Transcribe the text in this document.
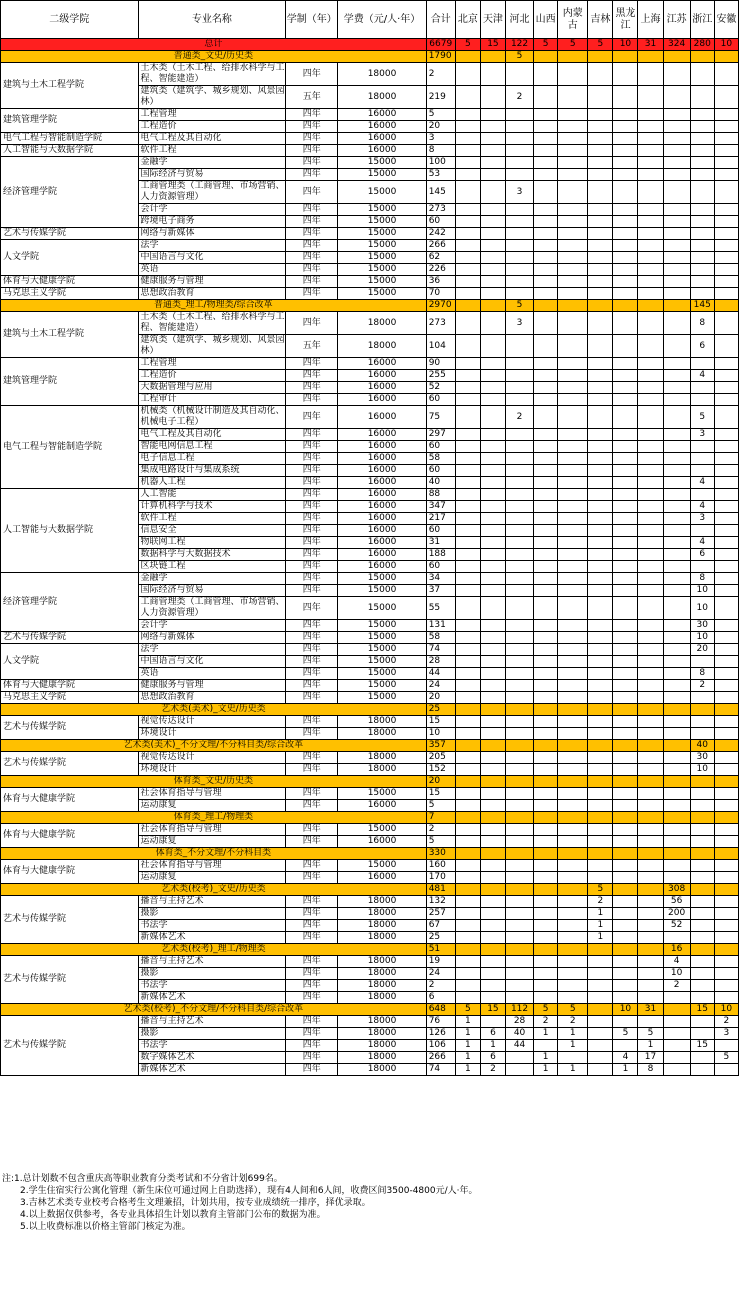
二级学院	专业名称	学制（年）	学费（元/人·年）	合计	北京	天津	河北	山西	内蒙古	吉林	黑龙江	上海	江苏	浙江	安徽
总计				6679	5	15	122	5	5	5	10	31	324	280	10
普通类_文史/历史类				1790			5								
建筑与土木工程学院	土木类（土木工程、给排水科学与工程、智能建造）	四年	18000	2											
	建筑类（建筑学、城乡规划、风景园林）	五年	18000	219			2								
建筑管理学院	工程管理	四年	16000	5											
	工程造价	四年	16000	20											
电气工程与智能制造学院	电气工程及其自动化	四年	16000	3											
人工智能与大数据学院	软件工程	四年	16000	8											
经济管理学院	金融学	四年	15000	100											
	国际经济与贸易	四年	15000	53											
	工商管理类（工商管理、市场营销、人力资源管理）	四年	15000	145			3								
	会计学	四年	15000	273											
	跨境电子商务	四年	15000	60											
艺术与传媒学院	网络与新媒体	四年	15000	242											
人文学院	法学	四年	15000	266											
	中国语言与文化	四年	15000	62											
	英语	四年	15000	226											
体育与大健康学院	健康服务与管理	四年	15000	36											
马克思主义学院	思想政治教育	四年	15000	70											
普通类_理工/物理类/综合改革				2970			5							145	
建筑与土木工程学院	土木类（土木工程、给排水科学与工程、智能建造）	四年	18000	273			3							8	
	建筑类（建筑学、城乡规划、风景园林）	五年	18000	104										6	
建筑管理学院	工程管理	四年	16000	90											
	工程造价	四年	16000	255										4	
	大数据管理与应用	四年	16000	52											
	工程审计	四年	16000	60											
电气工程与智能制造学院	机械类（机械设计制造及其自动化、机械电子工程）	四年	16000	75			2							5	
	电气工程及其自动化	四年	16000	297										3	
	智能电网信息工程	四年	16000	60											
	电子信息工程	四年	16000	58											
	集成电路设计与集成系统	四年	16000	60											
	机器人工程	四年	16000	40										4	
人工智能与大数据学院	人工智能	四年	16000	88											
	计算机科学与技术	四年	16000	347										4	
	软件工程	四年	16000	217										3	
	信息安全	四年	16000	60											
	物联网工程	四年	16000	31										4	
	数据科学与大数据技术	四年	16000	188										6	
	区块链工程	四年	16000	60											
经济管理学院	金融学	四年	15000	34										8	
	国际经济与贸易	四年	15000	37										10	
	工商管理类（工商管理、市场营销、人力资源管理）	四年	15000	55										10	
	会计学	四年	15000	131										30	
艺术与传媒学院	网络与新媒体	四年	15000	58										10	
人文学院	法学	四年	15000	74										20	
	中国语言与文化	四年	15000	28											
	英语	四年	15000	44										8	
体育与大健康学院	健康服务与管理	四年	15000	24										2	
马克思主义学院	思想政治教育	四年	15000	20											
艺术类(美术)_文史/历史类				25											
艺术与传媒学院	视觉传达设计	四年	18000	15											
	环境设计	四年	18000	10											
艺术类(美术)_不分文理/不分科目类/综合改革				357										40	
艺术与传媒学院	视觉传达设计	四年	18000	205										30	
	环境设计	四年	18000	152										10	
体育类_文史/历史类				20											
体育与大健康学院	社会体育指导与管理	四年	15000	15											
	运动康复	四年	16000	5											
体育类_理工/物理类				7											
体育与大健康学院	社会体育指导与管理	四年	15000	2											
	运动康复	四年	16000	5											
体育类_不分文理/不分科目类				330											
体育与大健康学院	社会体育指导与管理	四年	15000	160											
	运动康复	四年	16000	170											
艺术类(校考)_文史/历史类				481						5			308		
艺术与传媒学院	播音与主持艺术	四年	18000	132						2			56		
	摄影	四年	18000	257						1			200		
	书法学	四年	18000	67						1			52		
	新媒体艺术	四年	18000	25						1					
艺术类(校考)_理工/物理类				51									16		
艺术与传媒学院	播音与主持艺术	四年	18000	19									4		
	摄影	四年	18000	24									10		
	书法学	四年	18000	2									2		
	新媒体艺术	四年	18000	6											
艺术类(校考)_不分文理/不分科目类/综合改革				648	5	15	112	5	5		10	31		15	10
艺术与传媒学院	播音与主持艺术	四年	18000	76	1		28	2	2						2
	摄影	四年	18000	126	1	6	40	1	1		5	5			3
	书法学	四年	18000	106	1	1	44		1			1		15	
	数字媒体艺术	四年	18000	266	1	6		1			4	17			5
	新媒体艺术	四年	18000	74	1	2		1	1		1	8			
注:1.总计划数不包含重庆高等职业教育分类考试和不分省计划699名。
2.学生住宿实行公寓化管理（新生床位可通过网上自助选择），现有4人间和6人间，收费区间3500-4800元/人·年。
3.吉林艺术类专业校考合格考生文理兼招，计划共用，按专业成绩统一排序，择优录取。
4.以上数据仅供参考，各专业具体招生计划以教育主管部门公布的数据为准。
5.以上收费标准以价格主管部门核定为准。
